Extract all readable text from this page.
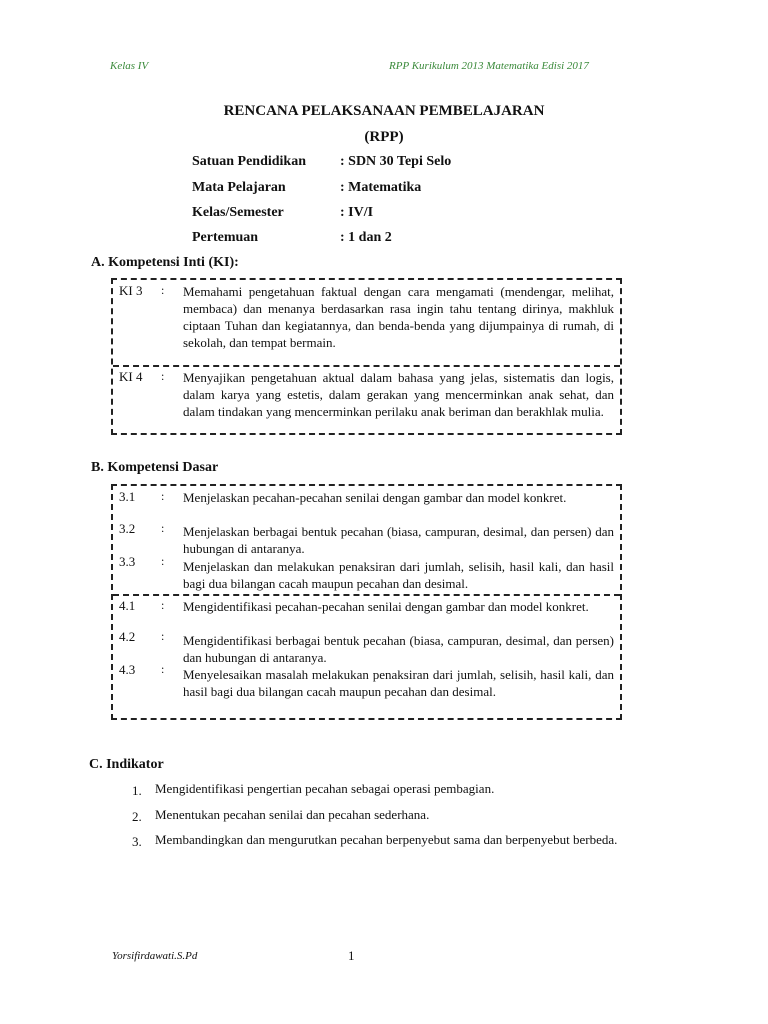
Kelas IV	RPP Kurikulum 2013 Matematika Edisi 2017
RENCANA PELAKSANAAN PEMBELAJARAN
(RPP)
Satuan Pendidikan	: SDN 30 Tepi Selo
Mata Pelajaran	: Matematika
Kelas/Semester	: IV/I
Pertemuan	: 1 dan 2
A. Kompetensi Inti (KI):
KI 3 : Memahami pengetahuan faktual dengan cara mengamati (mendengar, melihat, membaca) dan menanya berdasarkan rasa ingin tahu tentang dirinya, makhluk ciptaan Tuhan dan kegiatannya, dan benda-benda yang dijumpainya di rumah, di sekolah, dan tempat bermain.
KI 4 : Menyajikan pengetahuan aktual dalam bahasa yang jelas, sistematis dan logis, dalam karya yang estetis, dalam gerakan yang mencerminkan anak sehat, dan dalam tindakan yang mencerminkan perilaku anak beriman dan berakhlak mulia.
B. Kompetensi Dasar
3.1 : Menjelaskan pecahan-pecahan senilai dengan gambar dan model konkret.
3.2 : Menjelaskan berbagai bentuk pecahan (biasa, campuran, desimal, dan persen) dan hubungan di antaranya.
3.3 : Menjelaskan dan melakukan penaksiran dari jumlah, selisih, hasil kali, dan hasil bagi dua bilangan cacah maupun pecahan dan desimal.
4.1 : Mengidentifikasi pecahan-pecahan senilai dengan gambar dan model konkret.
4.2 : Mengidentifikasi berbagai bentuk pecahan (biasa, campuran, desimal, dan persen) dan hubungan di antaranya.
4.3 : Menyelesaikan masalah melakukan penaksiran dari jumlah, selisih, hasil kali, dan hasil bagi dua bilangan cacah maupun pecahan dan desimal.
C. Indikator
1. Mengidentifikasi pengertian pecahan sebagai operasi pembagian.
2. Menentukan pecahan senilai dan pecahan sederhana.
3. Membandingkan dan mengurutkan pecahan berpenyebut sama dan berpenyebut berbeda.
Yorsifirdawati.S.Pd	1
